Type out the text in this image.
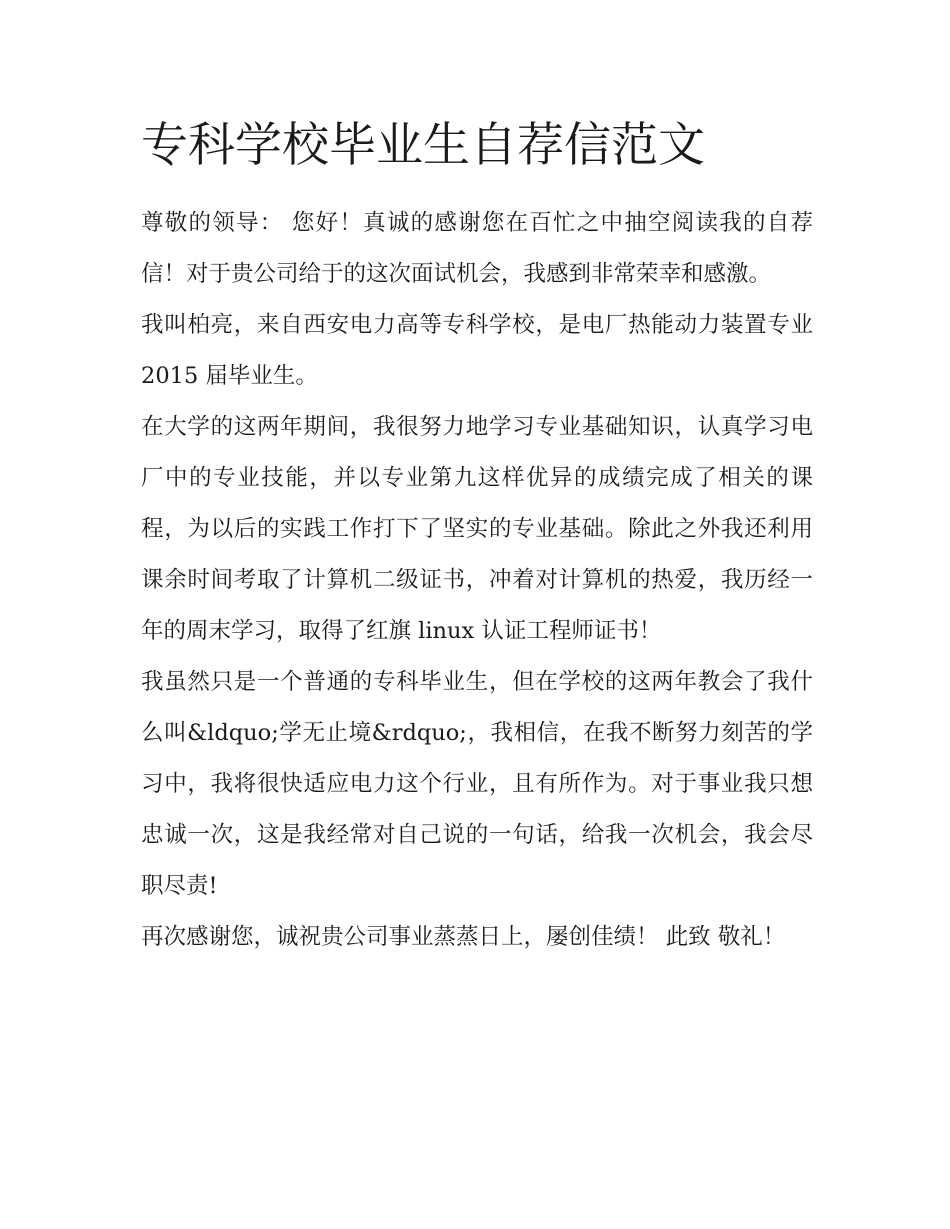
专科学校毕业生自荐信范文

尊敬的领导： 您好！真诚的感谢您在百忙之中抽空阅读我的自荐信！对于贵公司给于的这次面试机会，我感到非常荣幸和感激。

我叫柏亮，来自西安电力高等专科学校，是电厂热能动力装置专业 2015 届毕业生。

在大学的这两年期间，我很努力地学习专业基础知识，认真学习电厂中的专业技能，并以专业第九这样优异的成绩完成了相关的课程，为以后的实践工作打下了坚实的专业基础。除此之外我还利用课余时间考取了计算机二级证书，冲着对计算机的热爱，我历经一年的周末学习，取得了红旗 linux 认证工程师证书！

我虽然只是一个普通的专科毕业生，但在学校的这两年教会了我什么叫&ldquo;学无止境&rdquo;，我相信，在我不断努力刻苦的学习中，我将很快适应电力这个行业，且有所作为。对于事业我只想忠诚一次，这是我经常对自己说的一句话，给我一次机会，我会尽职尽责!

再次感谢您，诚祝贵公司事业蒸蒸日上，屡创佳绩！ 此致 敬礼！
